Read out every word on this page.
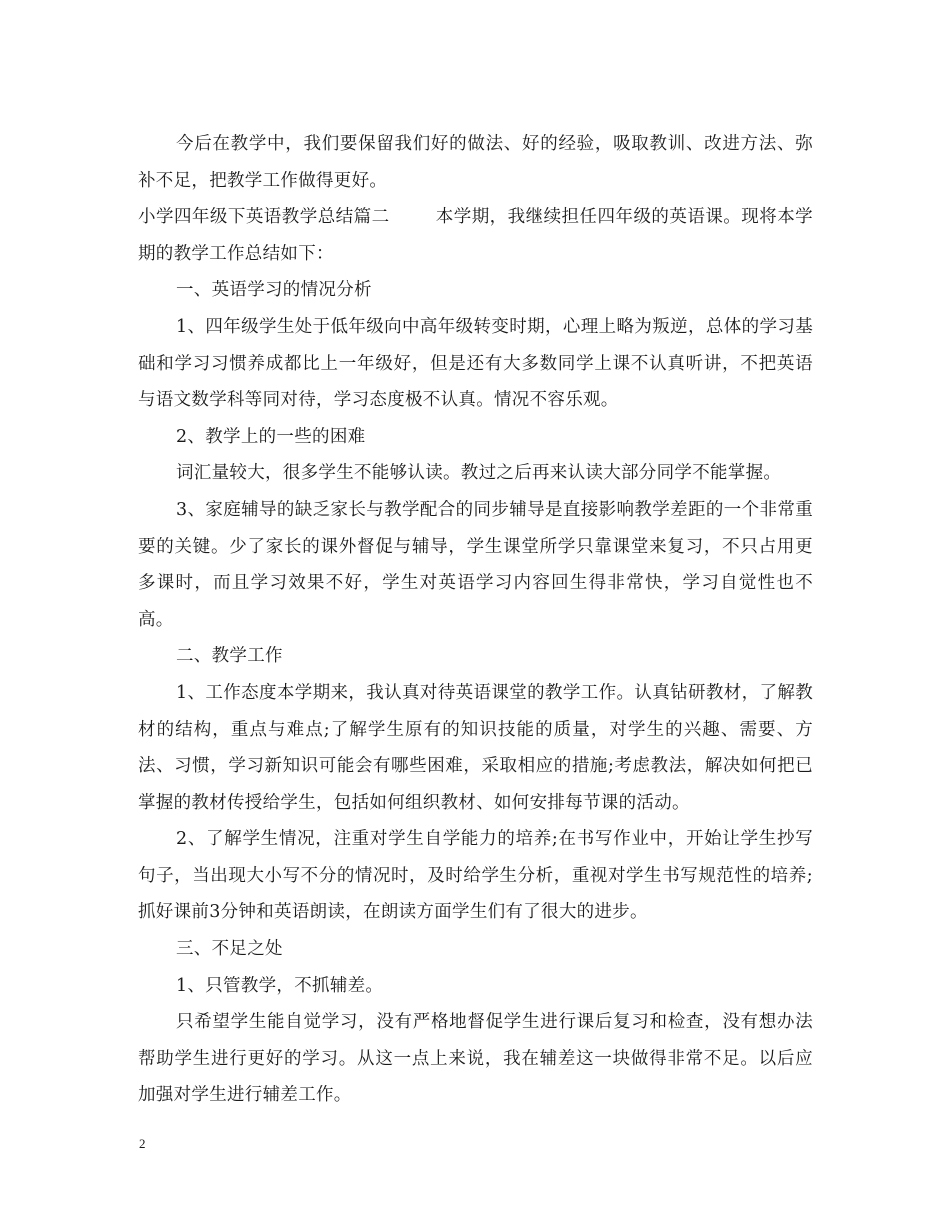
今后在教学中，我们要保留我们好的做法、好的经验，吸取教训、改进方法、弥补不足，把教学工作做得更好。

小学四年级下英语教学总结篇二	本学期，我继续担任四年级的英语课。现将本学期的教学工作总结如下：

一、英语学习的情况分析

1、四年级学生处于低年级向中高年级转变时期，心理上略为叛逆，总体的学习基础和学习习惯养成都比上一年级好，但是还有大多数同学上课不认真听讲，不把英语与语文数学科等同对待，学习态度极不认真。情况不容乐观。

2、教学上的一些的困难

词汇量较大，很多学生不能够认读。教过之后再来认读大部分同学不能掌握。

3、家庭辅导的缺乏家长与教学配合的同步辅导是直接影响教学差距的一个非常重要的关键。少了家长的课外督促与辅导，学生课堂所学只靠课堂来复习，不只占用更多课时，而且学习效果不好，学生对英语学习内容回生得非常快，学习自觉性也不高。

二、教学工作

1、工作态度本学期来，我认真对待英语课堂的教学工作。认真钻研教材，了解教材的结构，重点与难点;了解学生原有的知识技能的质量，对学生的兴趣、需要、方法、习惯，学习新知识可能会有哪些困难，采取相应的措施;考虑教法，解决如何把已掌握的教材传授给学生，包括如何组织教材、如何安排每节课的活动。

2、了解学生情况，注重对学生自学能力的培养;在书写作业中，开始让学生抄写句子，当出现大小写不分的情况时，及时给学生分析，重视对学生书写规范性的培养;抓好课前3分钟和英语朗读，在朗读方面学生们有了很大的进步。

三、不足之处

1、只管教学，不抓辅差。

只希望学生能自觉学习，没有严格地督促学生进行课后复习和检查，没有想办法帮助学生进行更好的学习。从这一点上来说，我在辅差这一块做得非常不足。以后应加强对学生进行辅差工作。

2
